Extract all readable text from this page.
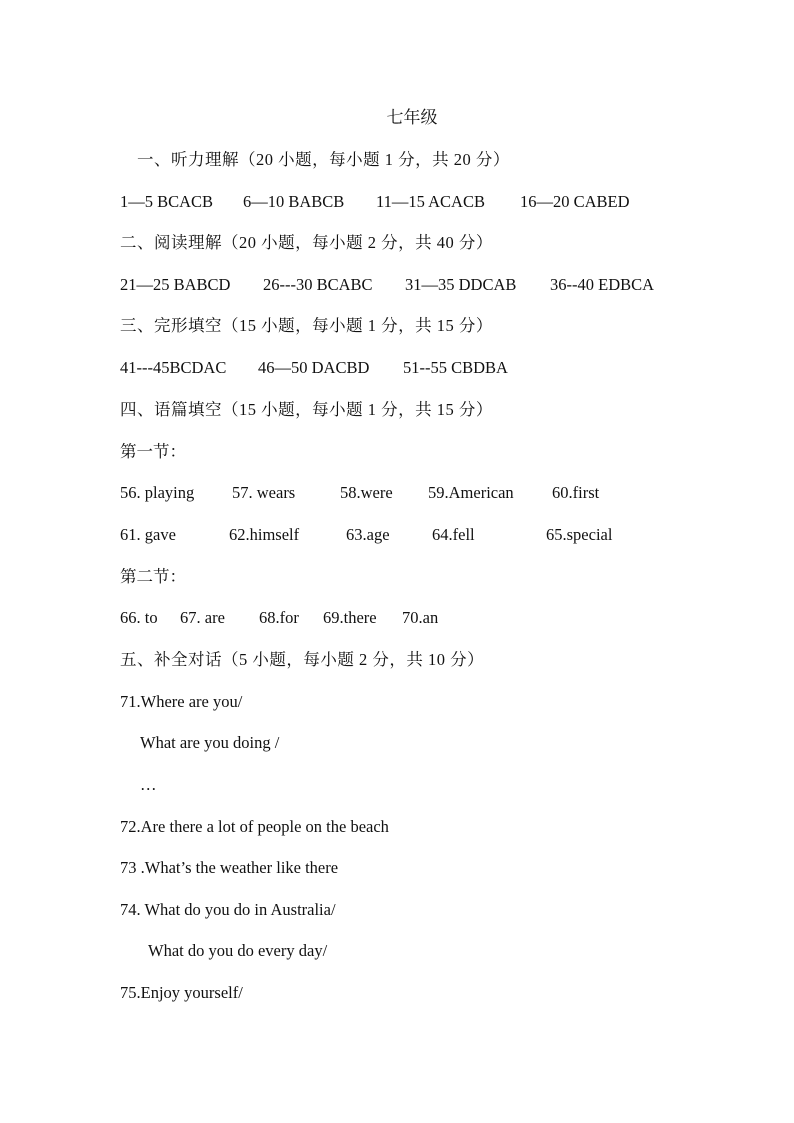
七年级
一、听力理解（20 小题，每小题 1 分，共 20 分）
1—5 BCACB 6—10 BABCB 11—15 ACACB 16—20 CABED
二、阅读理解（20 小题，每小题 2 分，共 40 分）
21—25 BABCD 26---30 BCABC 31—35 DDCAB 36--40 EDBCA
三、完形填空（15 小题，每小题 1 分，共 15 分）
41---45BCDAC 46—50 DACBD 51--55 CBDBA
四、语篇填空（15 小题，每小题 1 分，共 15 分）
第一节：
56. playing 57. wears	58.were 59.American 60.first
61. gave	62.himself	63.age	64.fell	65.special
第二节：
66. to 67. are 68.for 69.there 70.an
五、补全对话（5 小题，每小题 2 分，共 10 分）
71.Where are you/
What are you doing /
…
72.Are there a lot of people on the beach
73 .What’s the weather like there
74. What do you do in Australia/
What do you do every day/
75.Enjoy yourself/
